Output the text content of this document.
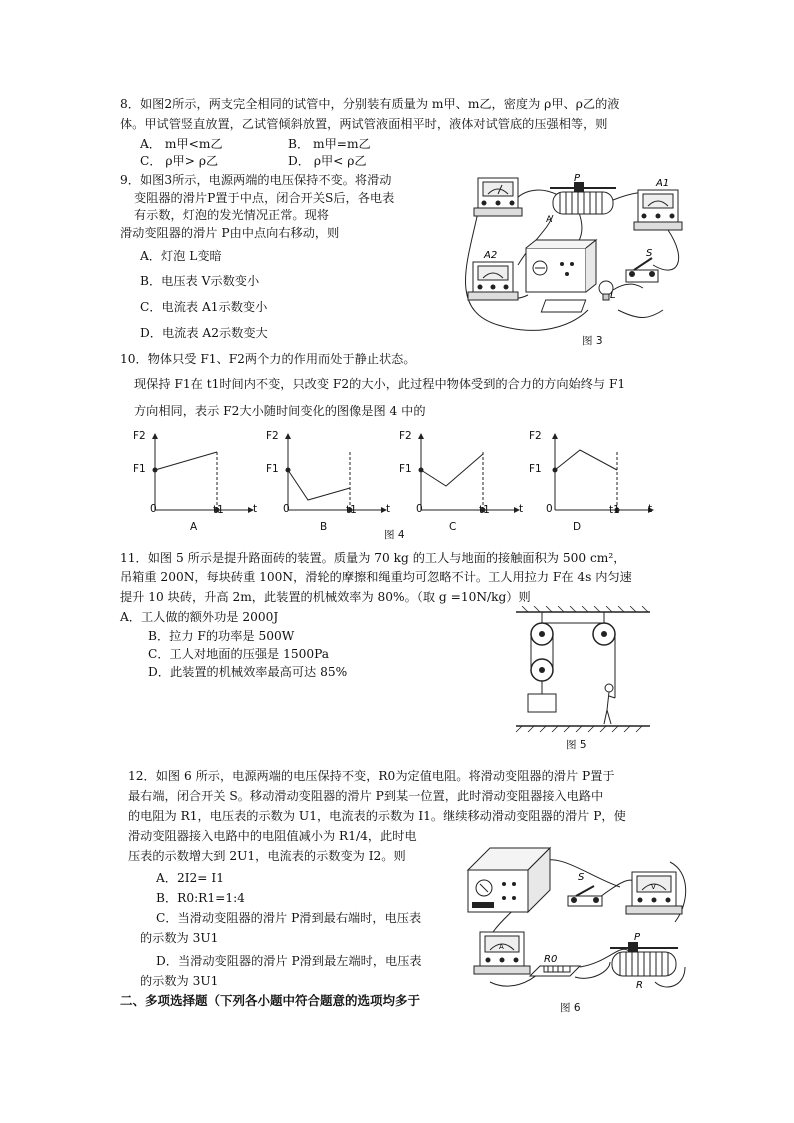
8．如图2所示，两支完全相同的试管中，分别装有质量为 m甲、m乙，密度为 ρ甲、ρ乙的液
体。甲试管竖直放置，乙试管倾斜放置，两试管液面相平时，液体对试管底的压强相等，则
A． m甲<m乙	B． m甲=m乙
C． ρ甲> ρ乙	D． ρ甲< ρ乙
9．如图3所示，电源两端的电压保持不变。将滑动
变阻器的滑片P置于中点，闭合开关S后，各电表
有示数，灯泡的发光情况正常。现将
滑动变阻器的滑片 P由中点向右移动，则
A．灯泡 L变暗
B．电压表 V示数变小
C．电流表 A1示数变小
D．电流表 A2示数变大
P
A
A1
A2	S
L
图 3
10．物体只受 F1、F2两个力的作用而处于静止状态。
现保持 F1在 t1时间内不变，只改变 F2的大小，此过程中物体受到的合力的方向始终与 F1
方向相同，表示 F2大小随时间变化的图像是图 4 中的
F2
F1
0	t1	t
A
F2
F1
0	t1	t
B
F2
F1
0	t1	t
C
F2
F1
0	t1	t
D
图 4
11．如图 5 所示是提升路面砖的装置。质量为 70 kg 的工人与地面的接触面积为 500 cm²，
吊箱重 200N，每块砖重 100N，滑轮的摩擦和绳重均可忽略不计。工人用拉力 F在 4s 内匀速
提升 10 块砖，升高 2m，此装置的机械效率为 80%。（取 g =10N/kg）则
A．工人做的额外功是 2000J
B．拉力 F的功率是 500W
C．工人对地面的压强是 1500Pa
D．此装置的机械效率最高可达 85%
图 5
12．如图 6 所示，电源两端的电压保持不变，R0为定值电阻。将滑动变阻器的滑片 P置于
最右端，闭合开关 S。移动滑动变阻器的滑片 P到某一位置，此时滑动变阻器接入电路中
的电阻为 R1，电压表的示数为 U1，电流表的示数为 I1。继续移动滑动变阻器的滑片 P，使
滑动变阻器接入电路中的电阻值减小为 R1/4，此时电
压表的示数增大到 2U1，电流表的示数变为 I2。则
A．2I2= I1
B．R0:R1=1:4
C．当滑动变阻器的滑片 P滑到最右端时，电压表
的示数为 3U1
D．当滑动变阻器的滑片 P滑到最左端时，电压表
的示数为 3U1
S
V
A
R0
P
R
图 6
二、多项选择题（下列各小题中符合题意的选项均多于
